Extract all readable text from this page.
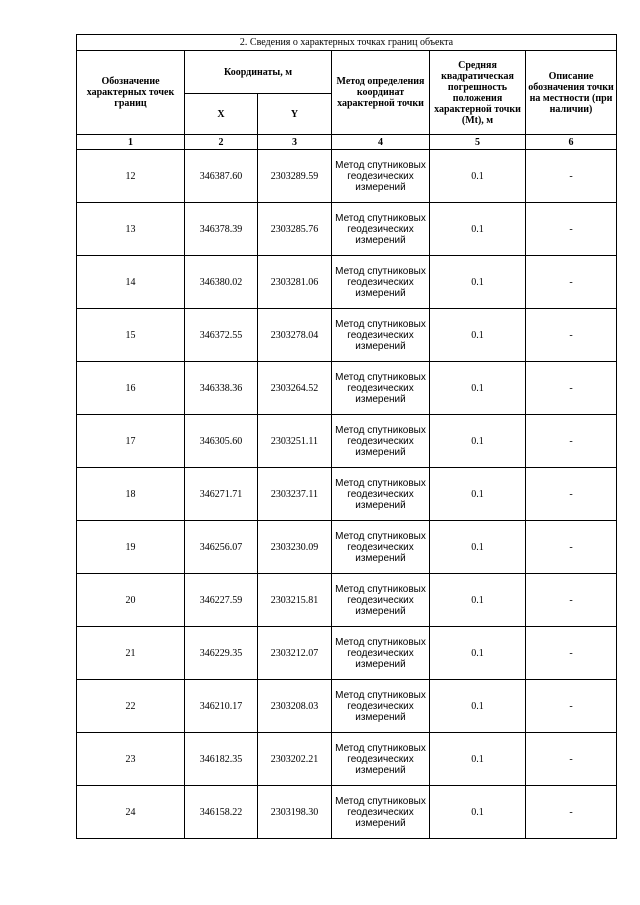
2. Сведения о характерных точках границ объекта					
Обозначение характерных точек границ	Координаты, м		Метод определения координат характерной точки	Средняя квадратическая погрешность положения характерной точки (Mt), м	Описание обозначения точки на местности (при наличии)
	X	Y			
1	2	3	4	5	6
12	346387.60	2303289.59	Метод спутниковых геодезических измерений	0.1	-
13	346378.39	2303285.76	Метод спутниковых геодезических измерений	0.1	-
14	346380.02	2303281.06	Метод спутниковых геодезических измерений	0.1	-
15	346372.55	2303278.04	Метод спутниковых геодезических измерений	0.1	-
16	346338.36	2303264.52	Метод спутниковых геодезических измерений	0.1	-
17	346305.60	2303251.11	Метод спутниковых геодезических измерений	0.1	-
18	346271.71	2303237.11	Метод спутниковых геодезических измерений	0.1	-
19	346256.07	2303230.09	Метод спутниковых геодезических измерений	0.1	-
20	346227.59	2303215.81	Метод спутниковых геодезических измерений	0.1	-
21	346229.35	2303212.07	Метод спутниковых геодезических измерений	0.1	-
22	346210.17	2303208.03	Метод спутниковых геодезических измерений	0.1	-
23	346182.35	2303202.21	Метод спутниковых геодезических измерений	0.1	-
24	346158.22	2303198.30	Метод спутниковых геодезических измерений	0.1	-
